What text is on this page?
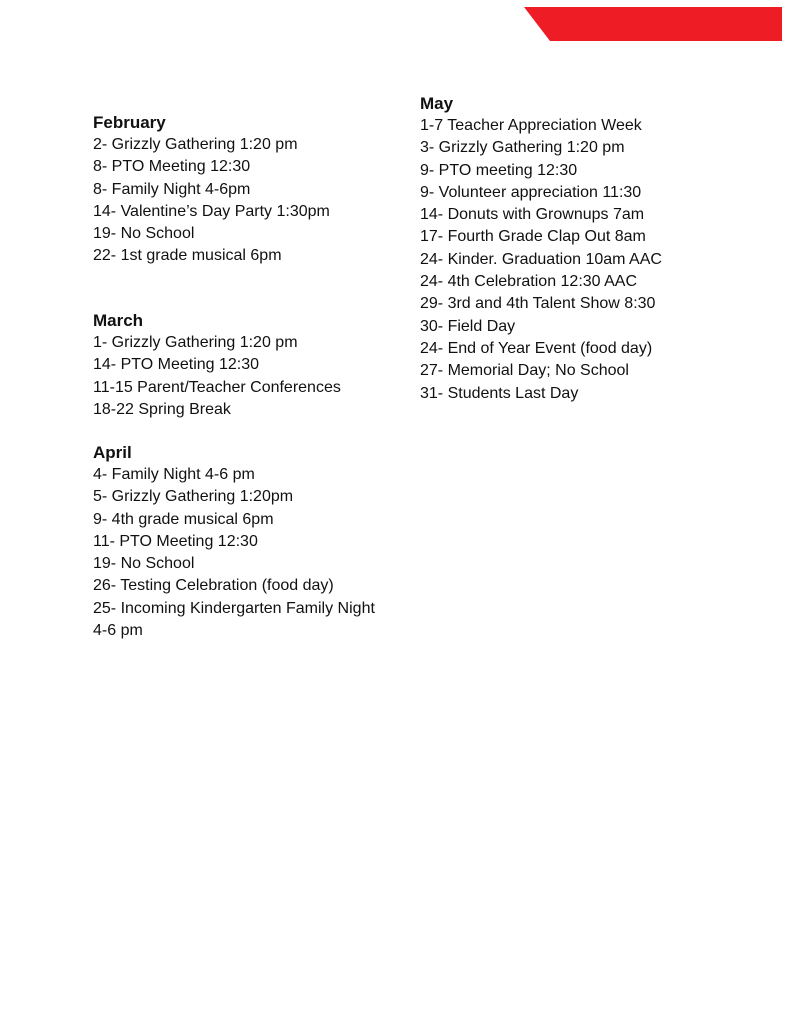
February
2- Grizzly Gathering 1:20 pm
8- PTO Meeting 12:30
8- Family Night 4-6pm
14- Valentine’s Day Party 1:30pm
19- No School
22- 1st grade musical 6pm
March
1- Grizzly Gathering 1:20 pm
14- PTO Meeting 12:30
11-15 Parent/Teacher Conferences
18-22 Spring Break
April
4- Family Night 4-6 pm
5- Grizzly Gathering 1:20pm
9- 4th grade musical 6pm
11- PTO Meeting 12:30
19- No School
26- Testing Celebration (food day)
25- Incoming Kindergarten Family Night 4-6 pm
May
1-7 Teacher Appreciation Week
3- Grizzly Gathering 1:20 pm
9- PTO meeting 12:30
9- Volunteer appreciation 11:30
14- Donuts with Grownups 7am
17- Fourth Grade Clap Out 8am
24- Kinder. Graduation 10am AAC
24- 4th Celebration 12:30 AAC
29- 3rd and 4th Talent Show 8:30
30- Field Day
24- End of Year Event (food day)
27- Memorial Day; No School
31- Students Last Day
